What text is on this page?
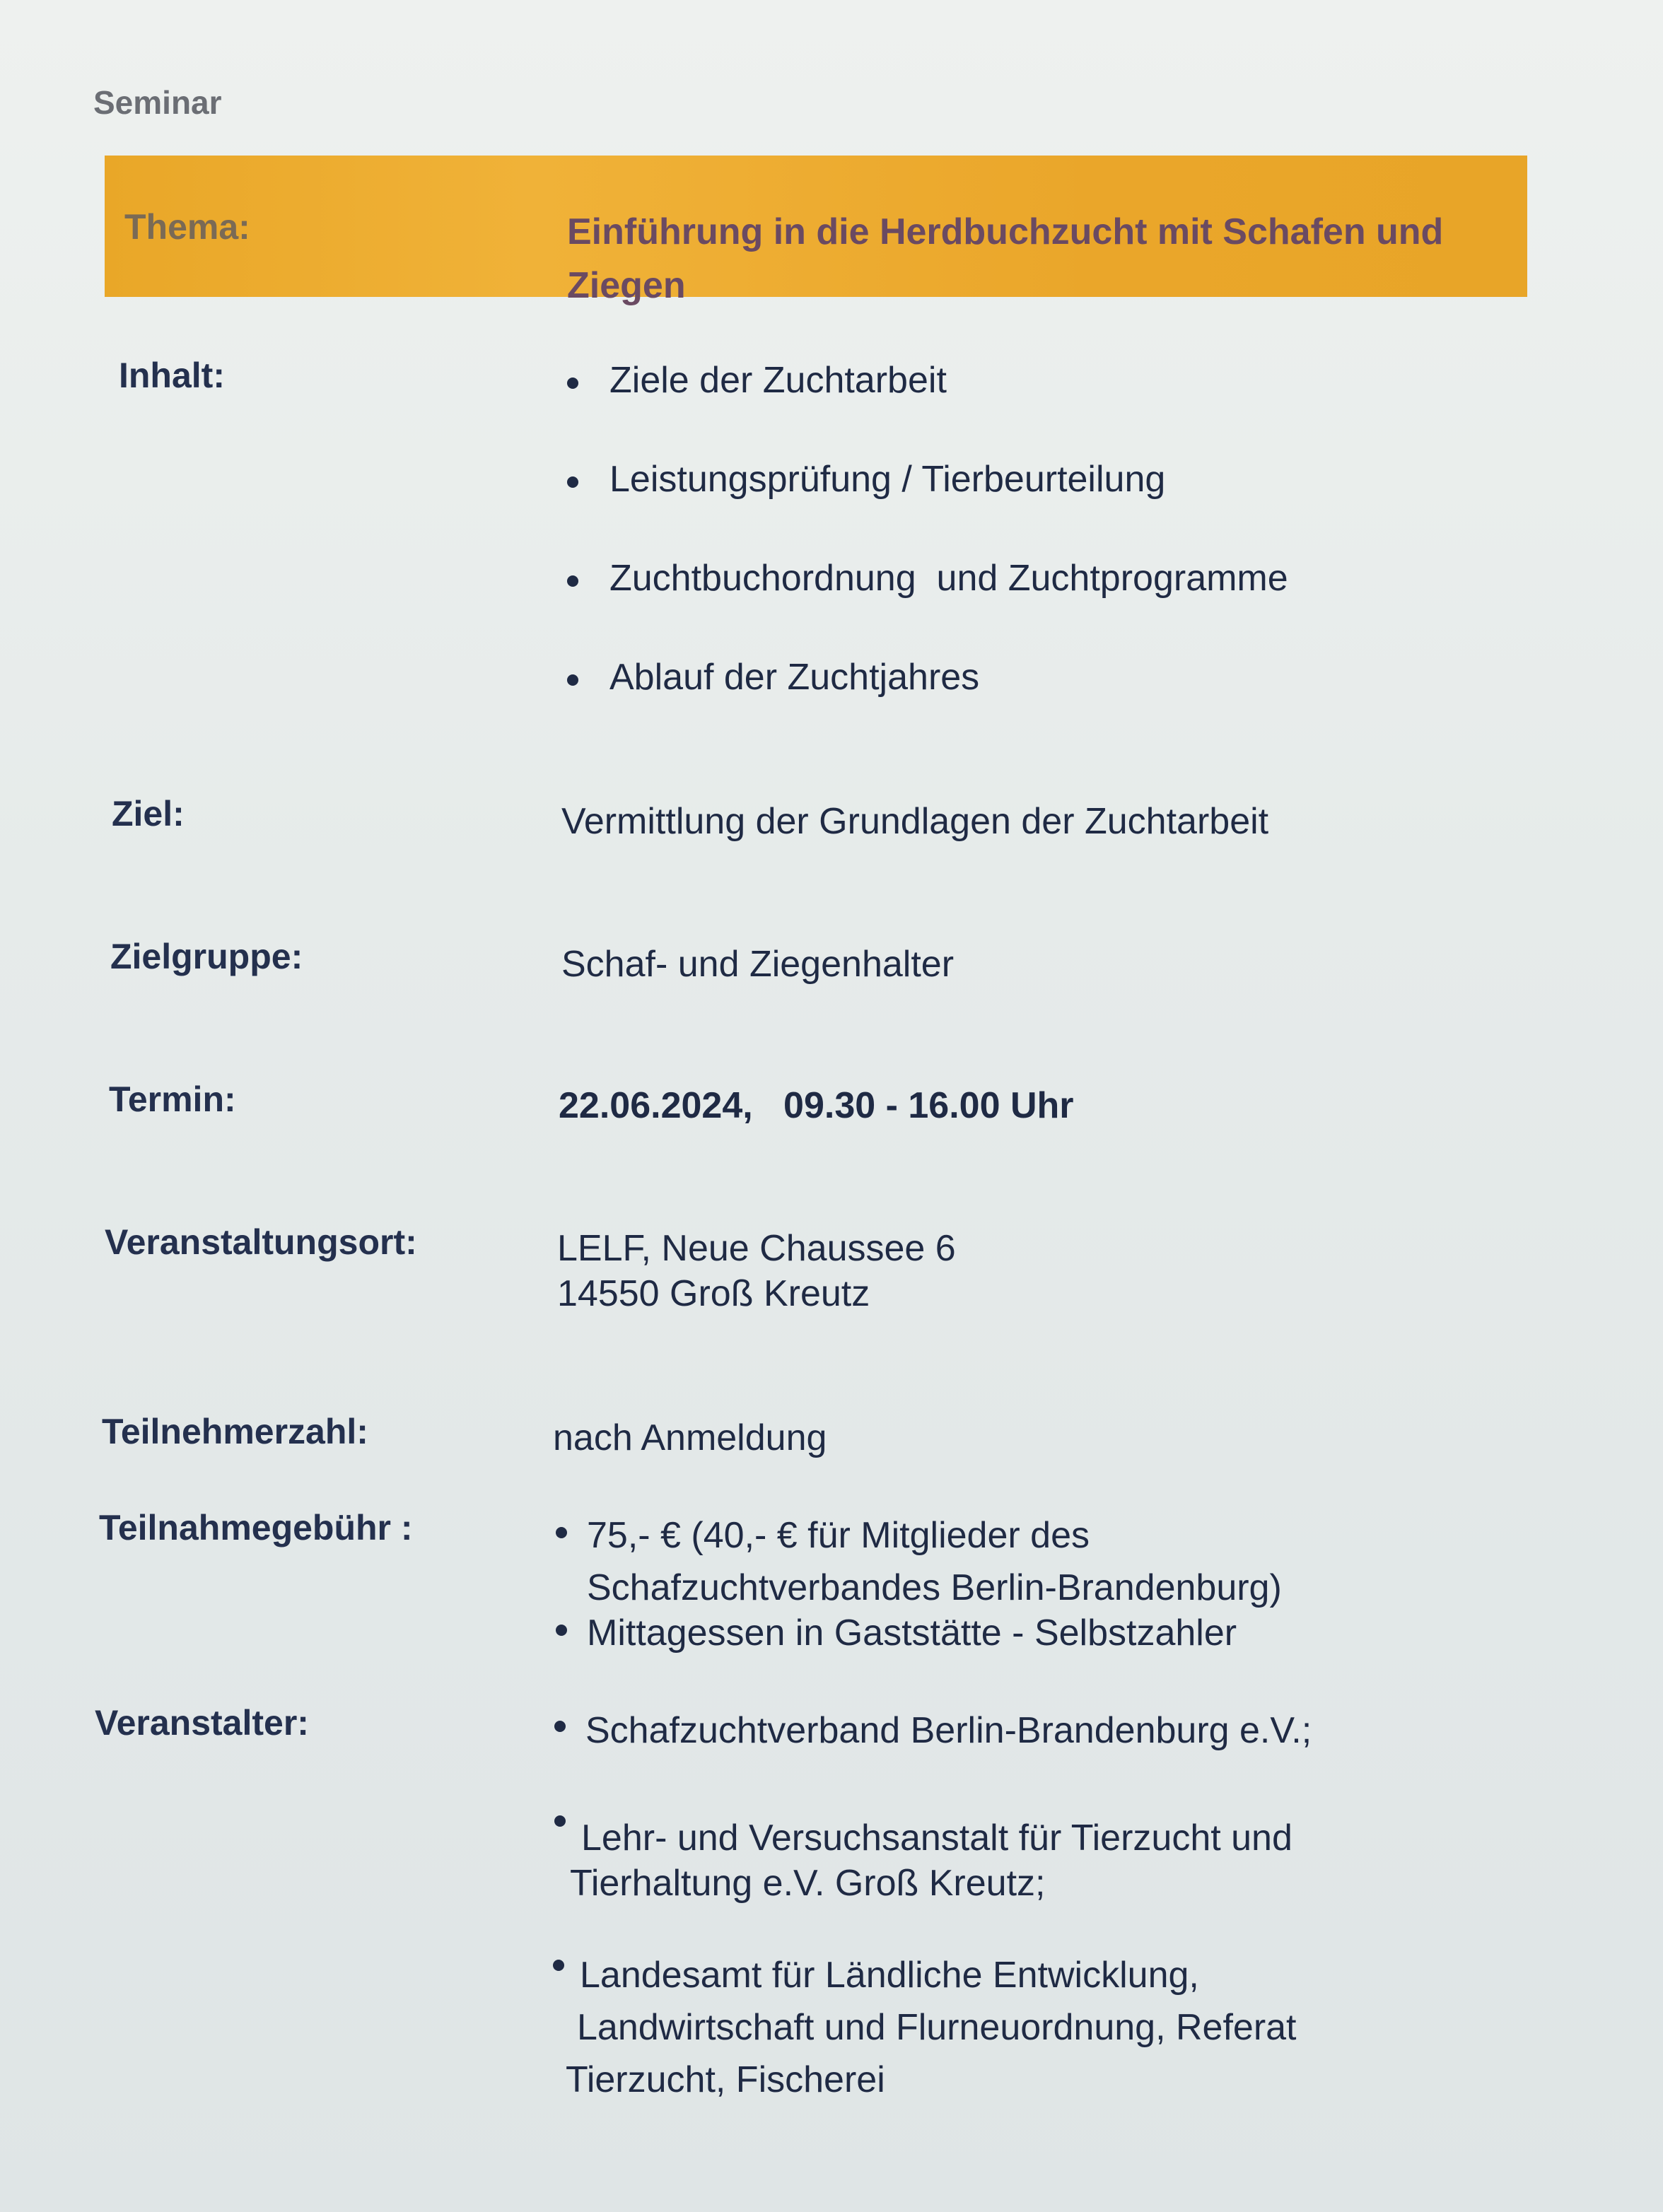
Seminar
Thema:	Einführung in die Herdbuchzucht mit Schafen und Ziegen
Inhalt:	Ziele der Zuchtarbeit
Leistungsprüfung / Tierbeurteilung
Zuchtbuchordnung  und Zuchtprogramme
Ablauf der Zuchtjahres
Ziel:	Vermittlung der Grundlagen der Zuchtarbeit
Zielgruppe:	Schaf- und Ziegenhalter
Termin:	22.06.2024,   09.30 - 16.00 Uhr
Veranstaltungsort:	LELF, Neue Chaussee 6
14550 Groß Kreutz
Teilnehmerzahl:	nach Anmeldung
Teilnahmegebühr :	75,- € (40,- € für Mitglieder des
Schafzuchtverbandes Berlin-Brandenburg)
Mittagessen in Gaststätte - Selbstzahler
Veranstalter:	Schafzuchtverband Berlin-Brandenburg e.V.;
Lehr- und Versuchsanstalt für Tierzucht und
Tierhaltung e.V. Groß Kreutz;
Landesamt für Ländliche Entwicklung,
Landwirtschaft und Flurneuordnung, Referat
Tierzucht, Fischerei
